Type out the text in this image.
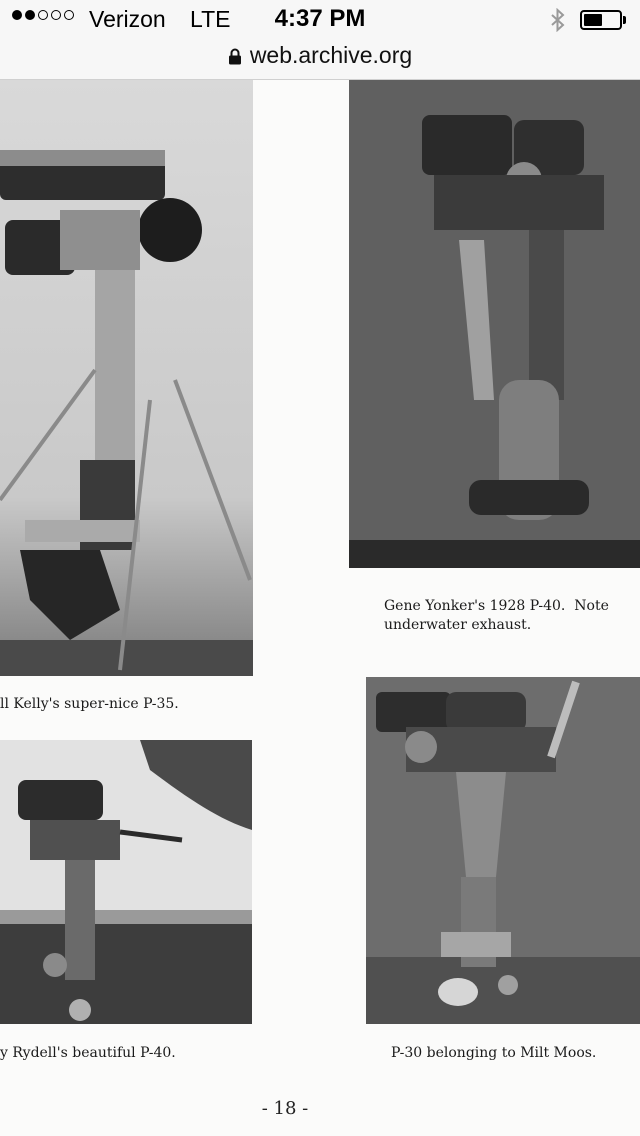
Verizon LTE	4:37 PM
web.archive.org
Gene Yonker's 1928 P-40.  Note
underwater exhaust.
ll Kelly's super-nice P-35.
y Rydell's beautiful P-40.	P-30 belonging to Milt Moos.
- 18 -
